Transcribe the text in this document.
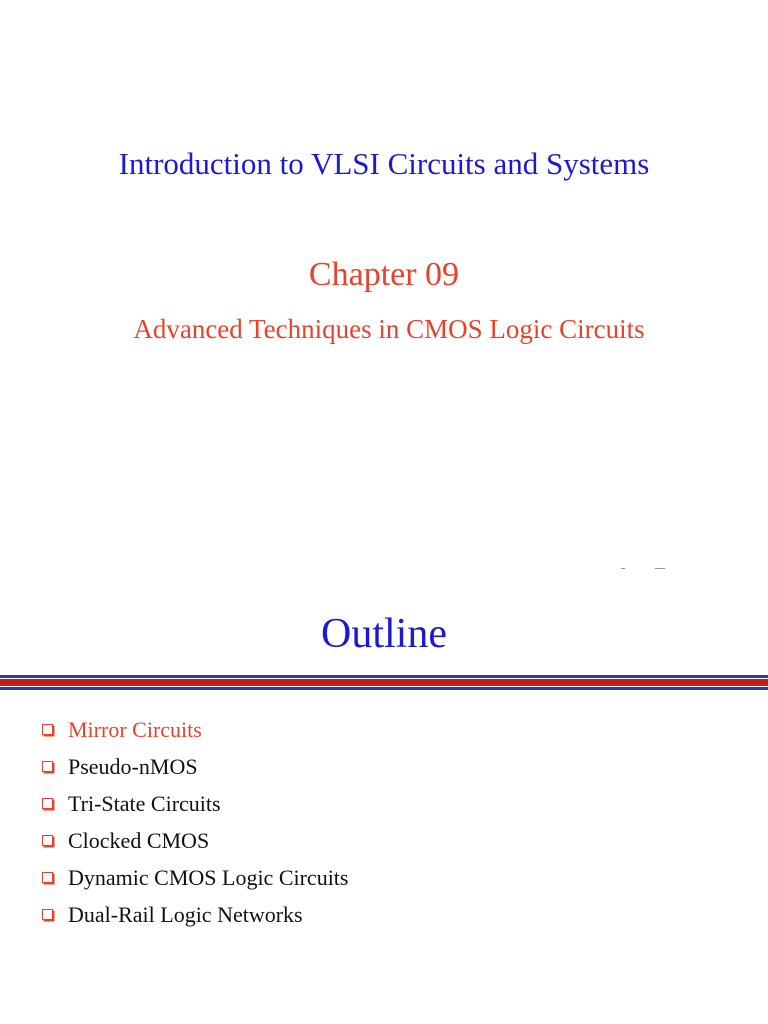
Introduction to VLSI Circuits and Systems
Chapter 09
Advanced Techniques in CMOS Logic Circuits
Outline
Mirror Circuits
Pseudo-nMOS
Tri-State Circuits
Clocked CMOS
Dynamic CMOS Logic Circuits
Dual-Rail Logic Networks
